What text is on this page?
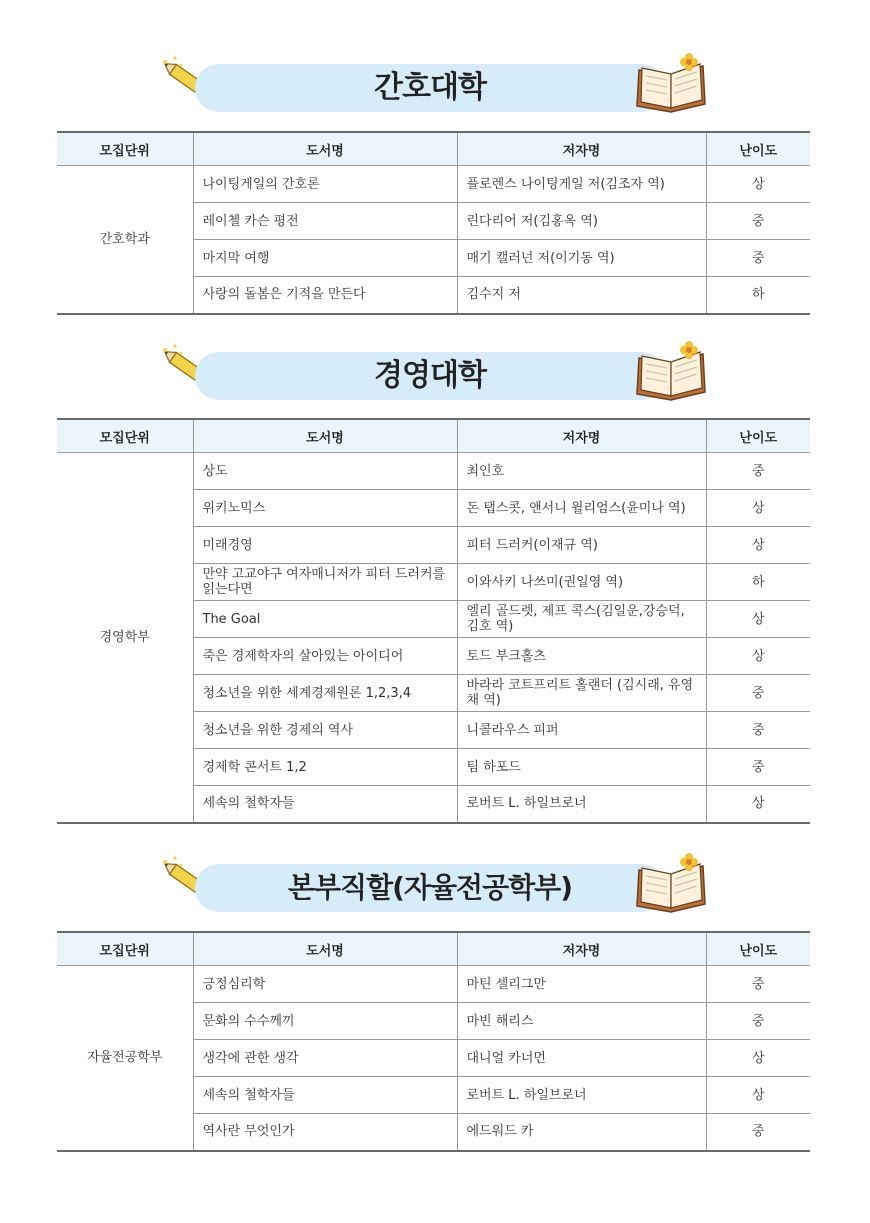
간호대학
모집단위	도서명	저자명	난이도
간호학과	나이팅게일의 간호론	플로렌스 나이팅게일 저(김조자 역)	상
	레이첼 카슨 평전	린다리어 저(김홍옥 역)	중
	마지막 여행	매기 캘러넌 저(이기동 역)	중
	사랑의 돌봄은 기적을 만든다	김수지 저	하
경영대학
모집단위	도서명	저자명	난이도
경영학부	상도	최인호	중
	위키노믹스	돈 탭스콧, 앤서니 윌리엄스(윤미나 역)	상
	미래경영	피터 드러커(이재규 역)	상
	만약 고교야구 여자매니저가 피터 드러커를 읽는다면	이와사키 나쓰미(권일영 역)	하
	The Goal	엘리 골드렛, 제프 콕스(김일운,강승덕,김호 역)	상
	죽은 경제학자의 살아있는 아이디어	토드 부크홀츠	상
	청소년을 위한 세계경제원론 1,2,3,4	바라라 코트프리트 홀랜더 (김시래, 유영채 역)	중
	청소년을 위한 경제의 역사	니콜라우스 피퍼	중
	경제학 콘서트 1,2	팀 하포드	중
	세속의 철학자들	로버트 L. 하일브로너	상
본부직할(자율전공학부)
모집단위	도서명	저자명	난이도
자율전공학부	긍정심리학	마틴 셀리그만	중
	문화의 수수께끼	마빈 해리스	중
	생각에 관한 생각	대니얼 카너먼	상
	세속의 철학자들	로버트 L. 하일브로너	상
	역사란 무엇인가	에드워드 카	중
